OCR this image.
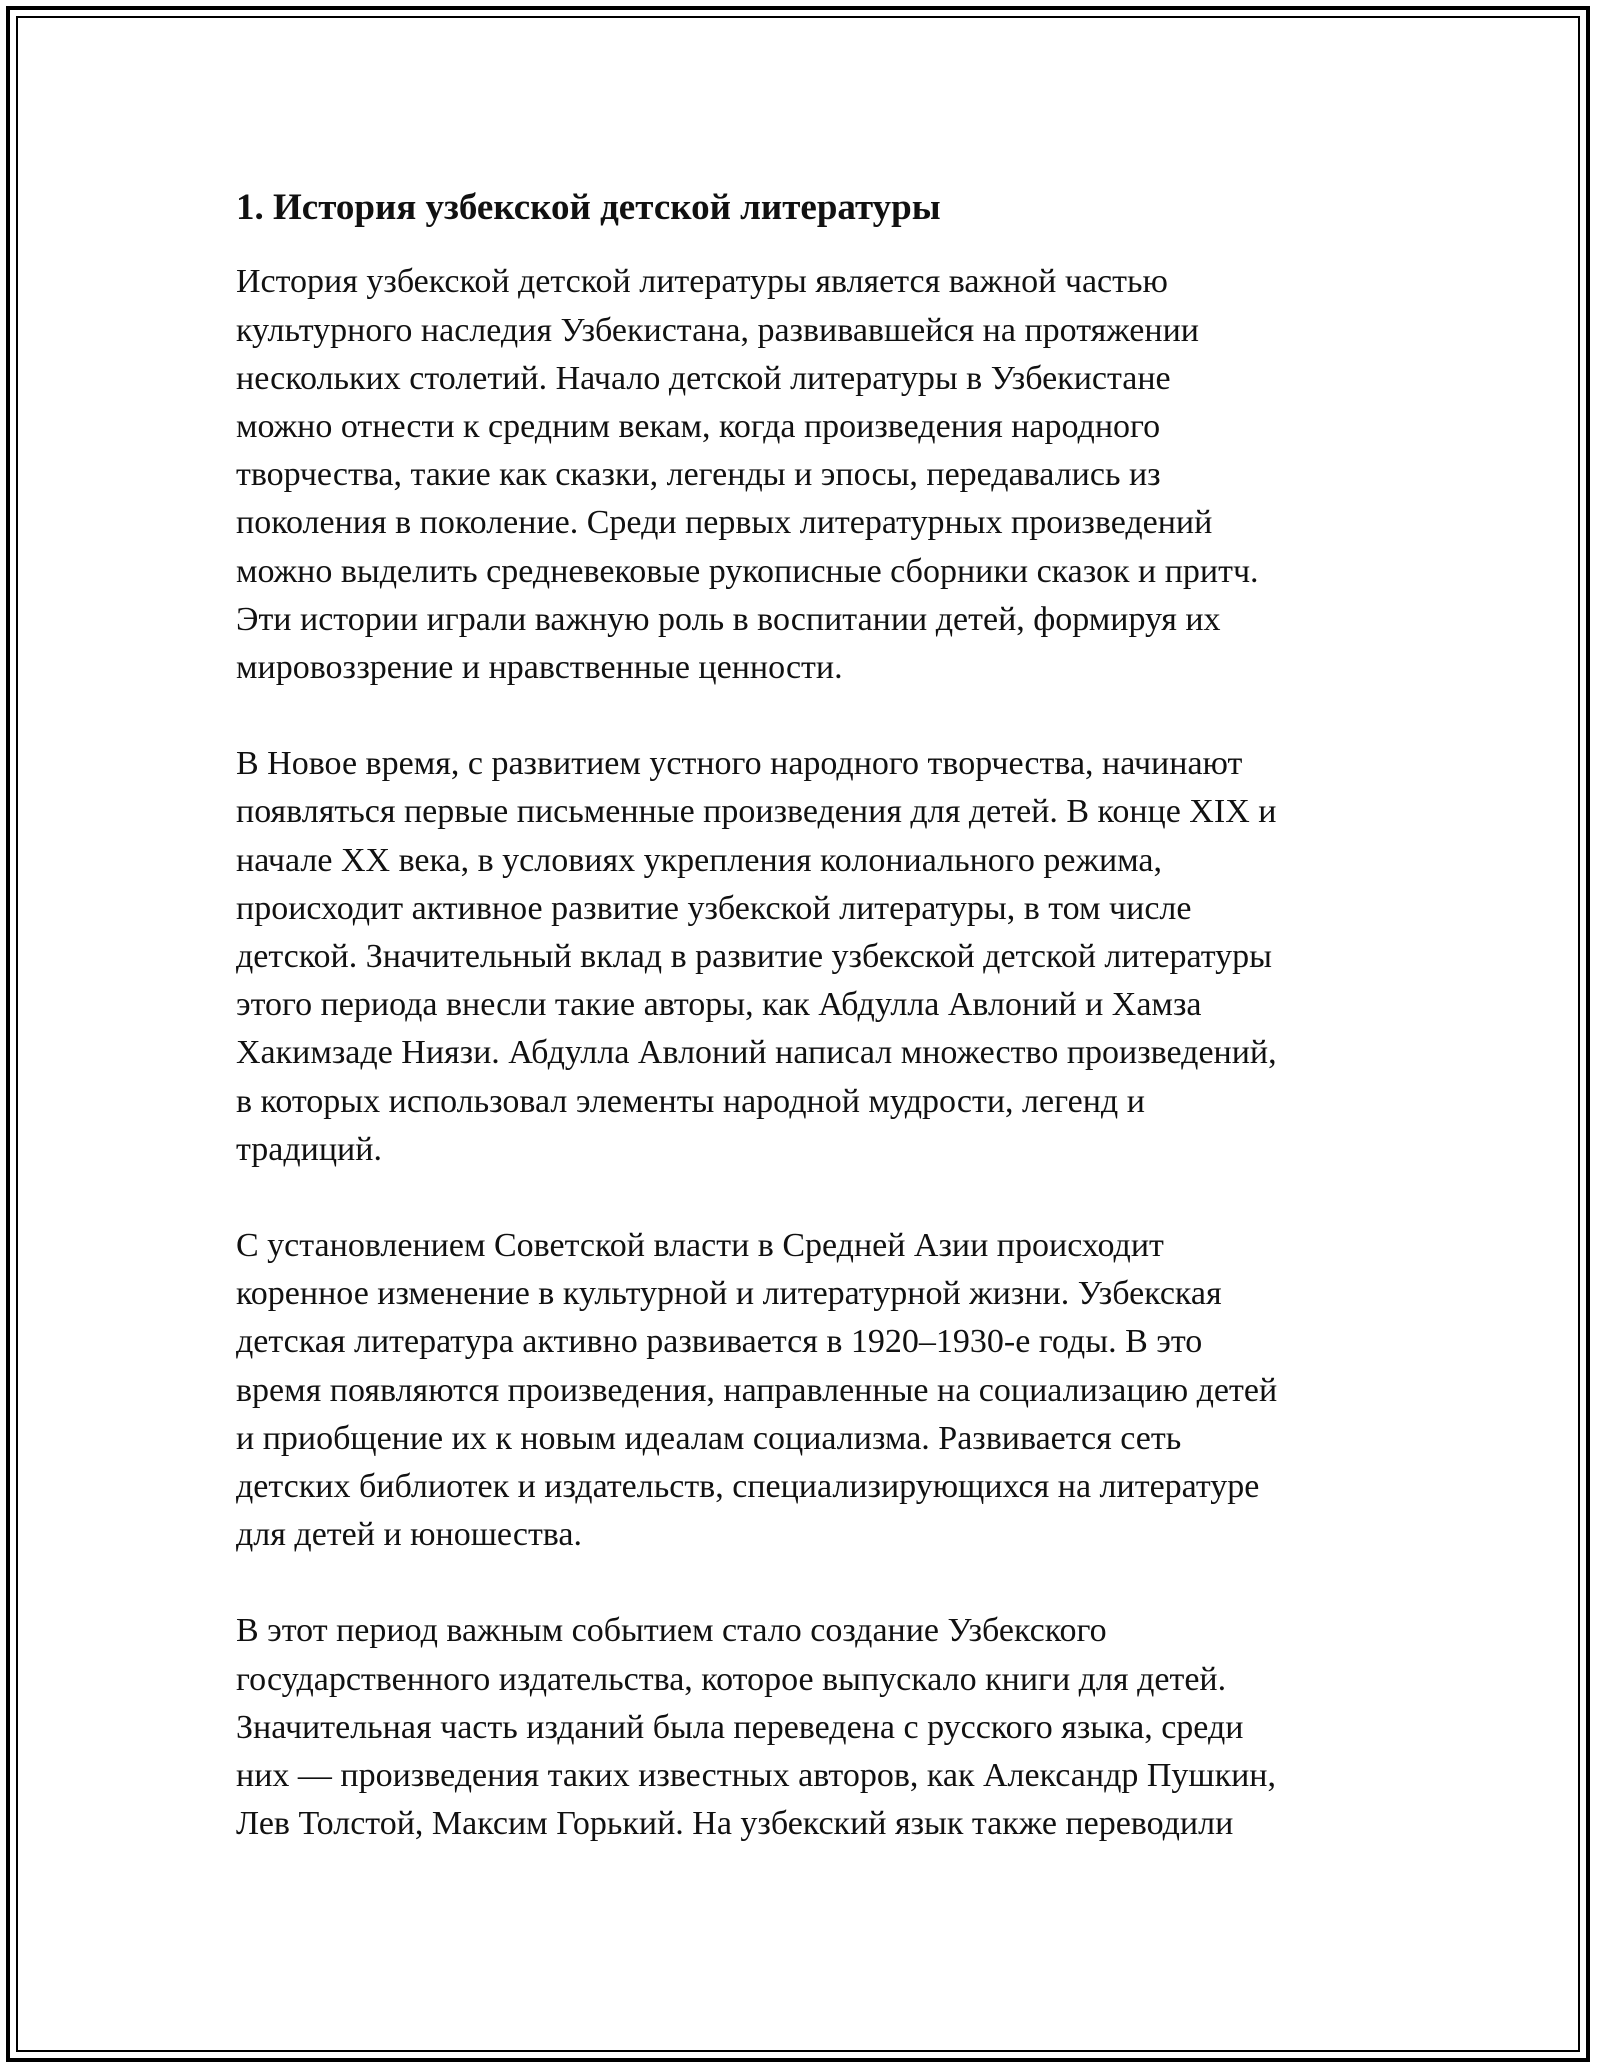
1. История узбекской детской литературы
История узбекской детской литературы является важной частью
культурного наследия Узбекистана, развивавшейся на протяжении
нескольких столетий. Начало детской литературы в Узбекистане
можно отнести к средним векам, когда произведения народного
творчества, такие как сказки, легенды и эпосы, передавались из
поколения в поколение. Среди первых литературных произведений
можно выделить средневековые рукописные сборники сказок и притч.
Эти истории играли важную роль в воспитании детей, формируя их
мировоззрение и нравственные ценности.
В Новое время, с развитием устного народного творчества, начинают
появляться первые письменные произведения для детей. В конце XIX и
начале XX века, в условиях укрепления колониального режима,
происходит активное развитие узбекской литературы, в том числе
детской. Значительный вклад в развитие узбекской детской литературы
этого периода внесли такие авторы, как Абдулла Авлоний и Хамза
Хакимзаде Ниязи. Абдулла Авлоний написал множество произведений,
в которых использовал элементы народной мудрости, легенд и
традиций.
С установлением Советской власти в Средней Азии происходит
коренное изменение в культурной и литературной жизни. Узбекская
детская литература активно развивается в 1920–1930-е годы. В это
время появляются произведения, направленные на социализацию детей
и приобщение их к новым идеалам социализма. Развивается сеть
детских библиотек и издательств, специализирующихся на литературе
для детей и юношества.
В этот период важным событием стало создание Узбекского
государственного издательства, которое выпускало книги для детей.
Значительная часть изданий была переведена с русского языка, среди
них — произведения таких известных авторов, как Александр Пушкин,
Лев Толстой, Максим Горький. На узбекский язык также переводили
